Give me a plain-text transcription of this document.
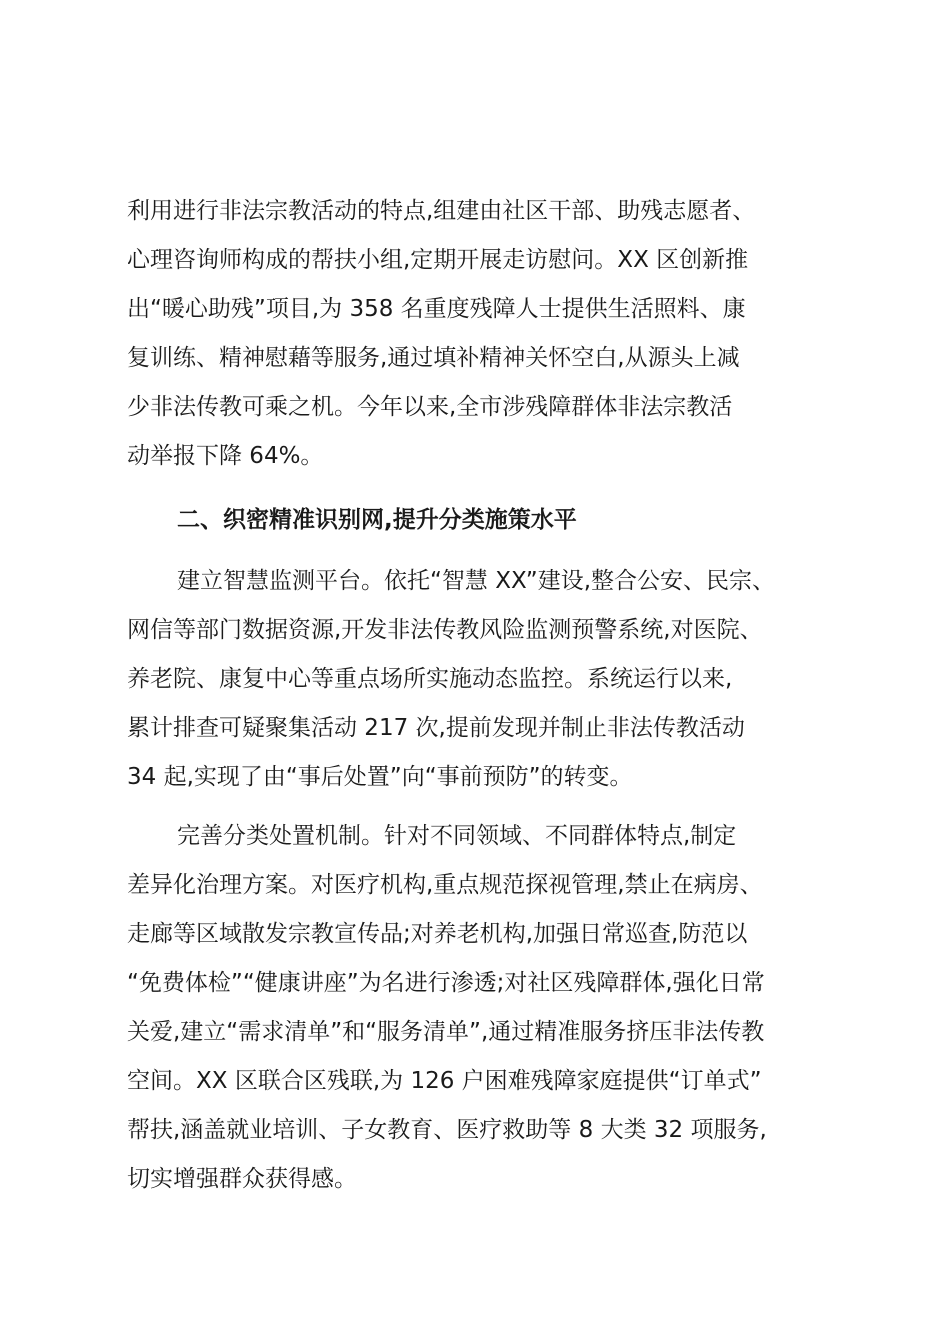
利用进行非法宗教活动的特点,组建由社区干部、助残志愿者、
心理咨询师构成的帮扶小组,定期开展走访慰问。XX 区创新推
出“暖心助残”项目,为 358 名重度残障人士提供生活照料、康
复训练、精神慰藉等服务,通过填补精神关怀空白,从源头上减
少非法传教可乘之机。今年以来,全市涉残障群体非法宗教活
动举报下降 64%。
二、织密精准识别网,提升分类施策水平
建立智慧监测平台。依托“智慧 XX”建设,整合公安、民宗、
网信等部门数据资源,开发非法传教风险监测预警系统,对医院、
养老院、康复中心等重点场所实施动态监控。系统运行以来,
累计排查可疑聚集活动 217 次,提前发现并制止非法传教活动
34 起,实现了由“事后处置”向“事前预防”的转变。
完善分类处置机制。针对不同领域、不同群体特点,制定
差异化治理方案。对医疗机构,重点规范探视管理,禁止在病房、
走廊等区域散发宗教宣传品;对养老机构,加强日常巡查,防范以
“免费体检”“健康讲座”为名进行渗透;对社区残障群体,强化日常
关爱,建立“需求清单”和“服务清单”,通过精准服务挤压非法传教
空间。XX 区联合区残联,为 126 户困难残障家庭提供“订单式”
帮扶,涵盖就业培训、子女教育、医疗救助等 8 大类 32 项服务,
切实增强群众获得感。
